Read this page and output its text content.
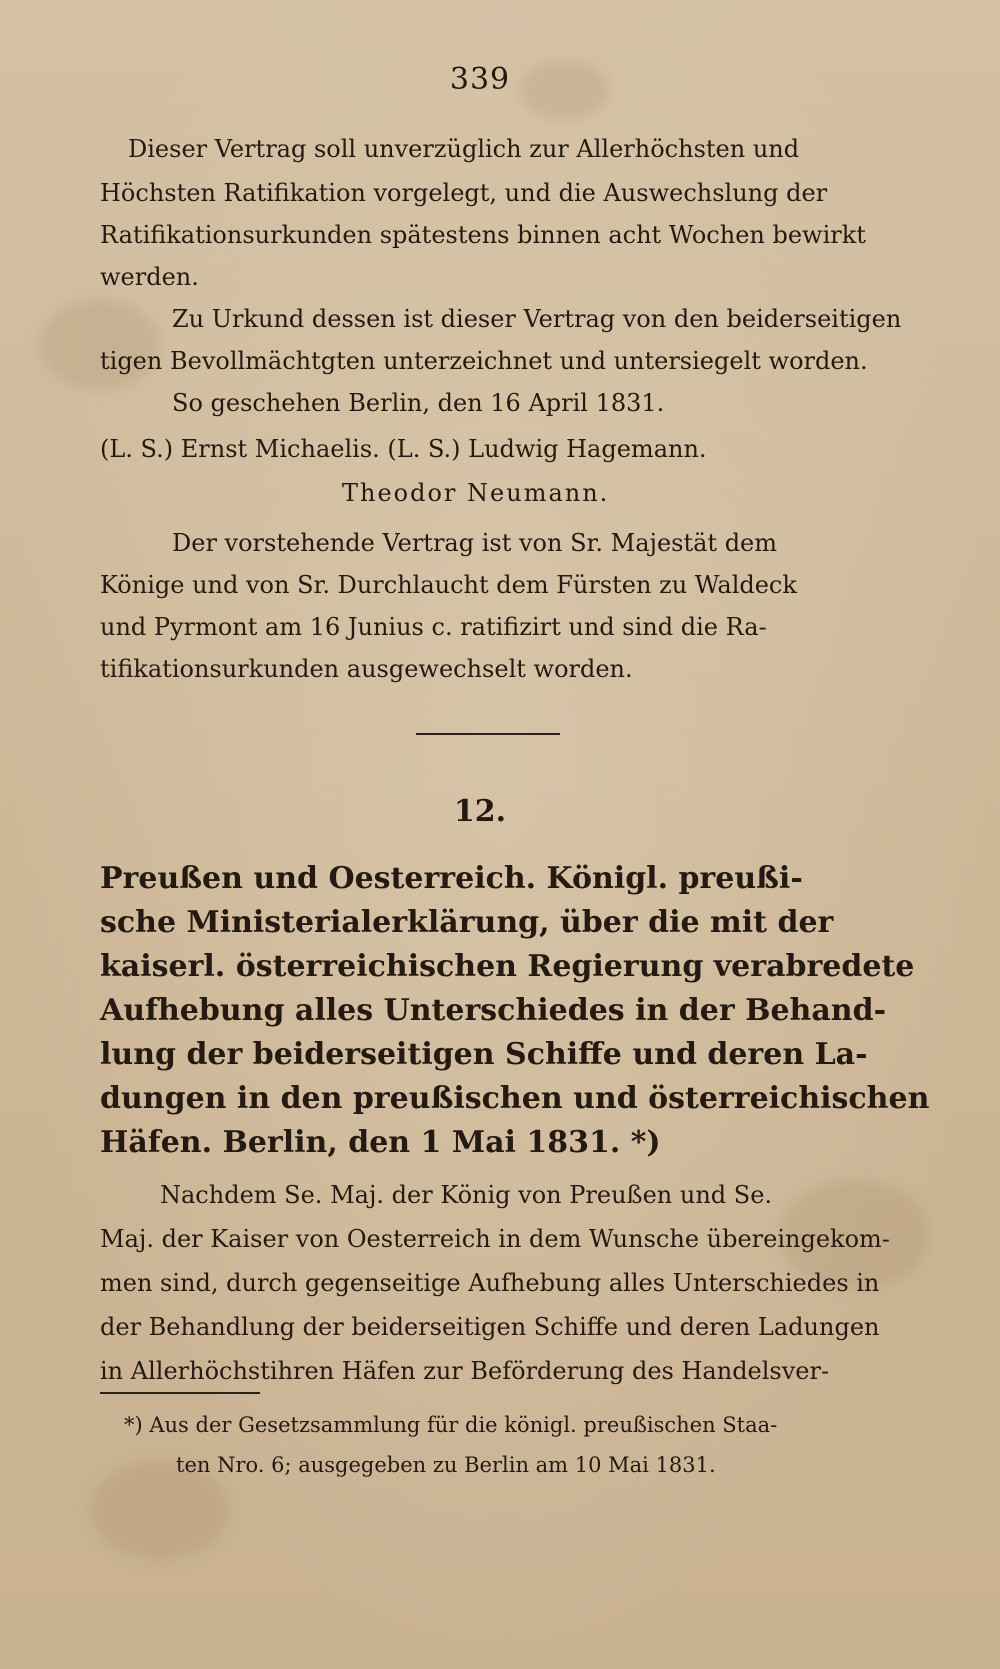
339
Dieser Vertrag soll unverzüglich zur Allerhöchsten und
Höchsten Ratifikation vorgelegt, und die Auswechslung der
Ratifikationsurkunden spätestens binnen acht Wochen bewirkt
werden.
Zu Urkund dessen ist dieser Vertrag von den beiderseitigen
tigen Bevollmächtgten unterzeichnet und untersiegelt worden.
So geschehen Berlin, den 16 April 1831.
(L. S.) Ernst Michaelis. (L. S.) Ludwig Hagemann.
Theodor Neumann.
Der vorstehende Vertrag ist von Sr. Majestät dem
Könige und von Sr. Durchlaucht dem Fürsten zu Waldeck
und Pyrmont am 16 Junius c. ratifizirt und sind die Ra-
tifikationsurkunden ausgewechselt worden.
12.
Preußen und Oesterreich. Königl. preußi-
sche Ministerialerklärung, über die mit der
kaiserl. österreichischen Regierung verabredete
Aufhebung alles Unterschiedes in der Behand-
lung der beiderseitigen Schiffe und deren La-
dungen in den preußischen und österreichischen
Häfen. Berlin, den 1 Mai 1831. *)
Nachdem Se. Maj. der König von Preußen und Se.
Maj. der Kaiser von Oesterreich in dem Wunsche übereingekom-
men sind, durch gegenseitige Aufhebung alles Unterschiedes in
der Behandlung der beiderseitigen Schiffe und deren Ladungen
in Allerhöchstihren Häfen zur Beförderung des Handelsver-
*) Aus der Gesetzsammlung für die königl. preußischen Staa-
ten Nro. 6; ausgegeben zu Berlin am 10 Mai 1831.
